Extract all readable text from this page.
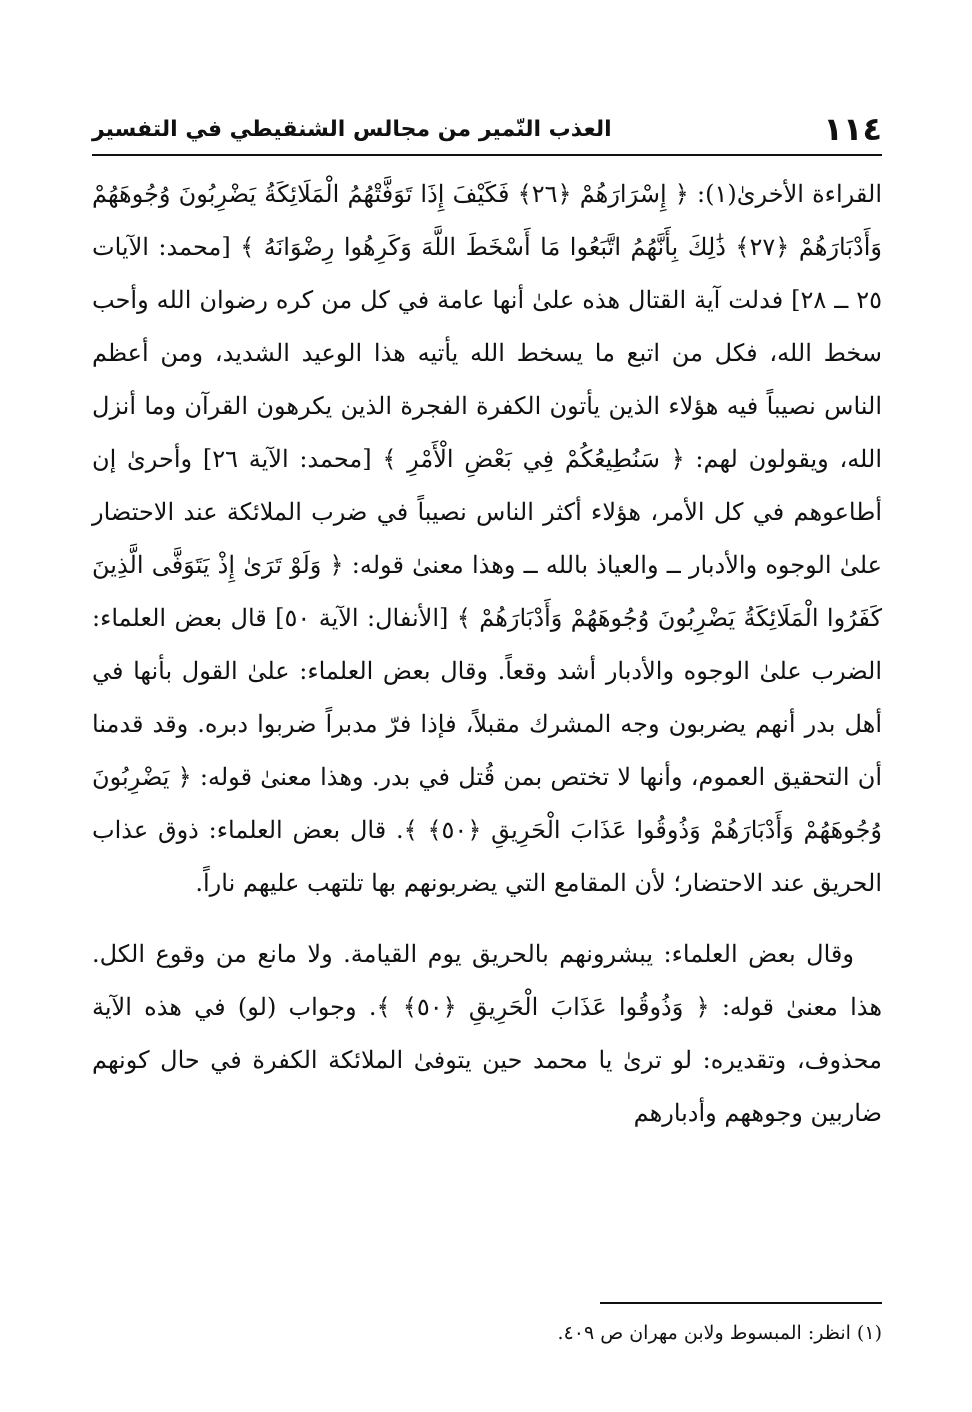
١١٤
العذب النّمير من مجالس الشنقيطي في التفسير

القراءة الأخرىٰ(١): ﴿ إِسْرَارَهُمْ ﴿٢٦﴾ فَكَيْفَ إِذَا تَوَفَّتْهُمُ الْمَلَائِكَةُ يَضْرِبُونَ وُجُوهَهُمْ وَأَدْبَارَهُمْ ﴿٢٧﴾ ذَٰلِكَ بِأَنَّهُمُ اتَّبَعُوا مَا أَسْخَطَ اللَّهَ وَكَرِهُوا رِضْوَانَهُ ﴾ [محمد: الآيات ٢٥ ــ ٢٨] فدلت آية القتال هذه علىٰ أنها عامة في كل من كره رضوان الله وأحب سخط الله، فكل من اتبع ما يسخط الله يأتيه هذا الوعيد الشديد، ومن أعظم الناس نصيباً فيه هؤلاء الذين يأتون الكفرة الفجرة الذين يكرهون القرآن وما أنزل الله، ويقولون لهم: ﴿ سَنُطِيعُكُمْ فِي بَعْضِ الْأَمْرِ ﴾ [محمد: الآية ٢٦] وأحرىٰ إن أطاعوهم في كل الأمر، هؤلاء أكثر الناس نصيباً في ضرب الملائكة عند الاحتضار علىٰ الوجوه والأدبار ــ والعياذ بالله ــ وهذا معنىٰ قوله: ﴿ وَلَوْ تَرَىٰ إِذْ يَتَوَفَّى الَّذِينَ كَفَرُوا الْمَلَائِكَةُ يَضْرِبُونَ وُجُوهَهُمْ وَأَدْبَارَهُمْ ﴾ [الأنفال: الآية ٥٠] قال بعض العلماء: الضرب علىٰ الوجوه والأدبار أشد وقعاً. وقال بعض العلماء: علىٰ القول بأنها في أهل بدر أنهم يضربون وجه المشرك مقبلاً، فإذا فرّ مدبراً ضربوا دبره. وقد قدمنا أن التحقيق العموم، وأنها لا تختص بمن قُتل في بدر. وهذا معنىٰ قوله: ﴿ يَضْرِبُونَ وُجُوهَهُمْ وَأَدْبَارَهُمْ وَذُوقُوا عَذَابَ الْحَرِيقِ ﴿٥٠﴾ ﴾. قال بعض العلماء: ذوق عذاب الحريق عند الاحتضار؛ لأن المقامع التي يضربونهم بها تلتهب عليهم ناراً.

وقال بعض العلماء: يبشرونهم بالحريق يوم القيامة. ولا مانع من وقوع الكل. هذا معنىٰ قوله: ﴿ وَذُوقُوا عَذَابَ الْحَرِيقِ ﴿٥٠﴾ ﴾. وجواب (لو) في هذه الآية محذوف، وتقديره: لو ترىٰ يا محمد حين يتوفىٰ الملائكة الكفرة في حال كونهم ضاربين وجوههم وأدبارهم

(١) انظر: المبسوط ولابن مهران ص ٤٠٩.
